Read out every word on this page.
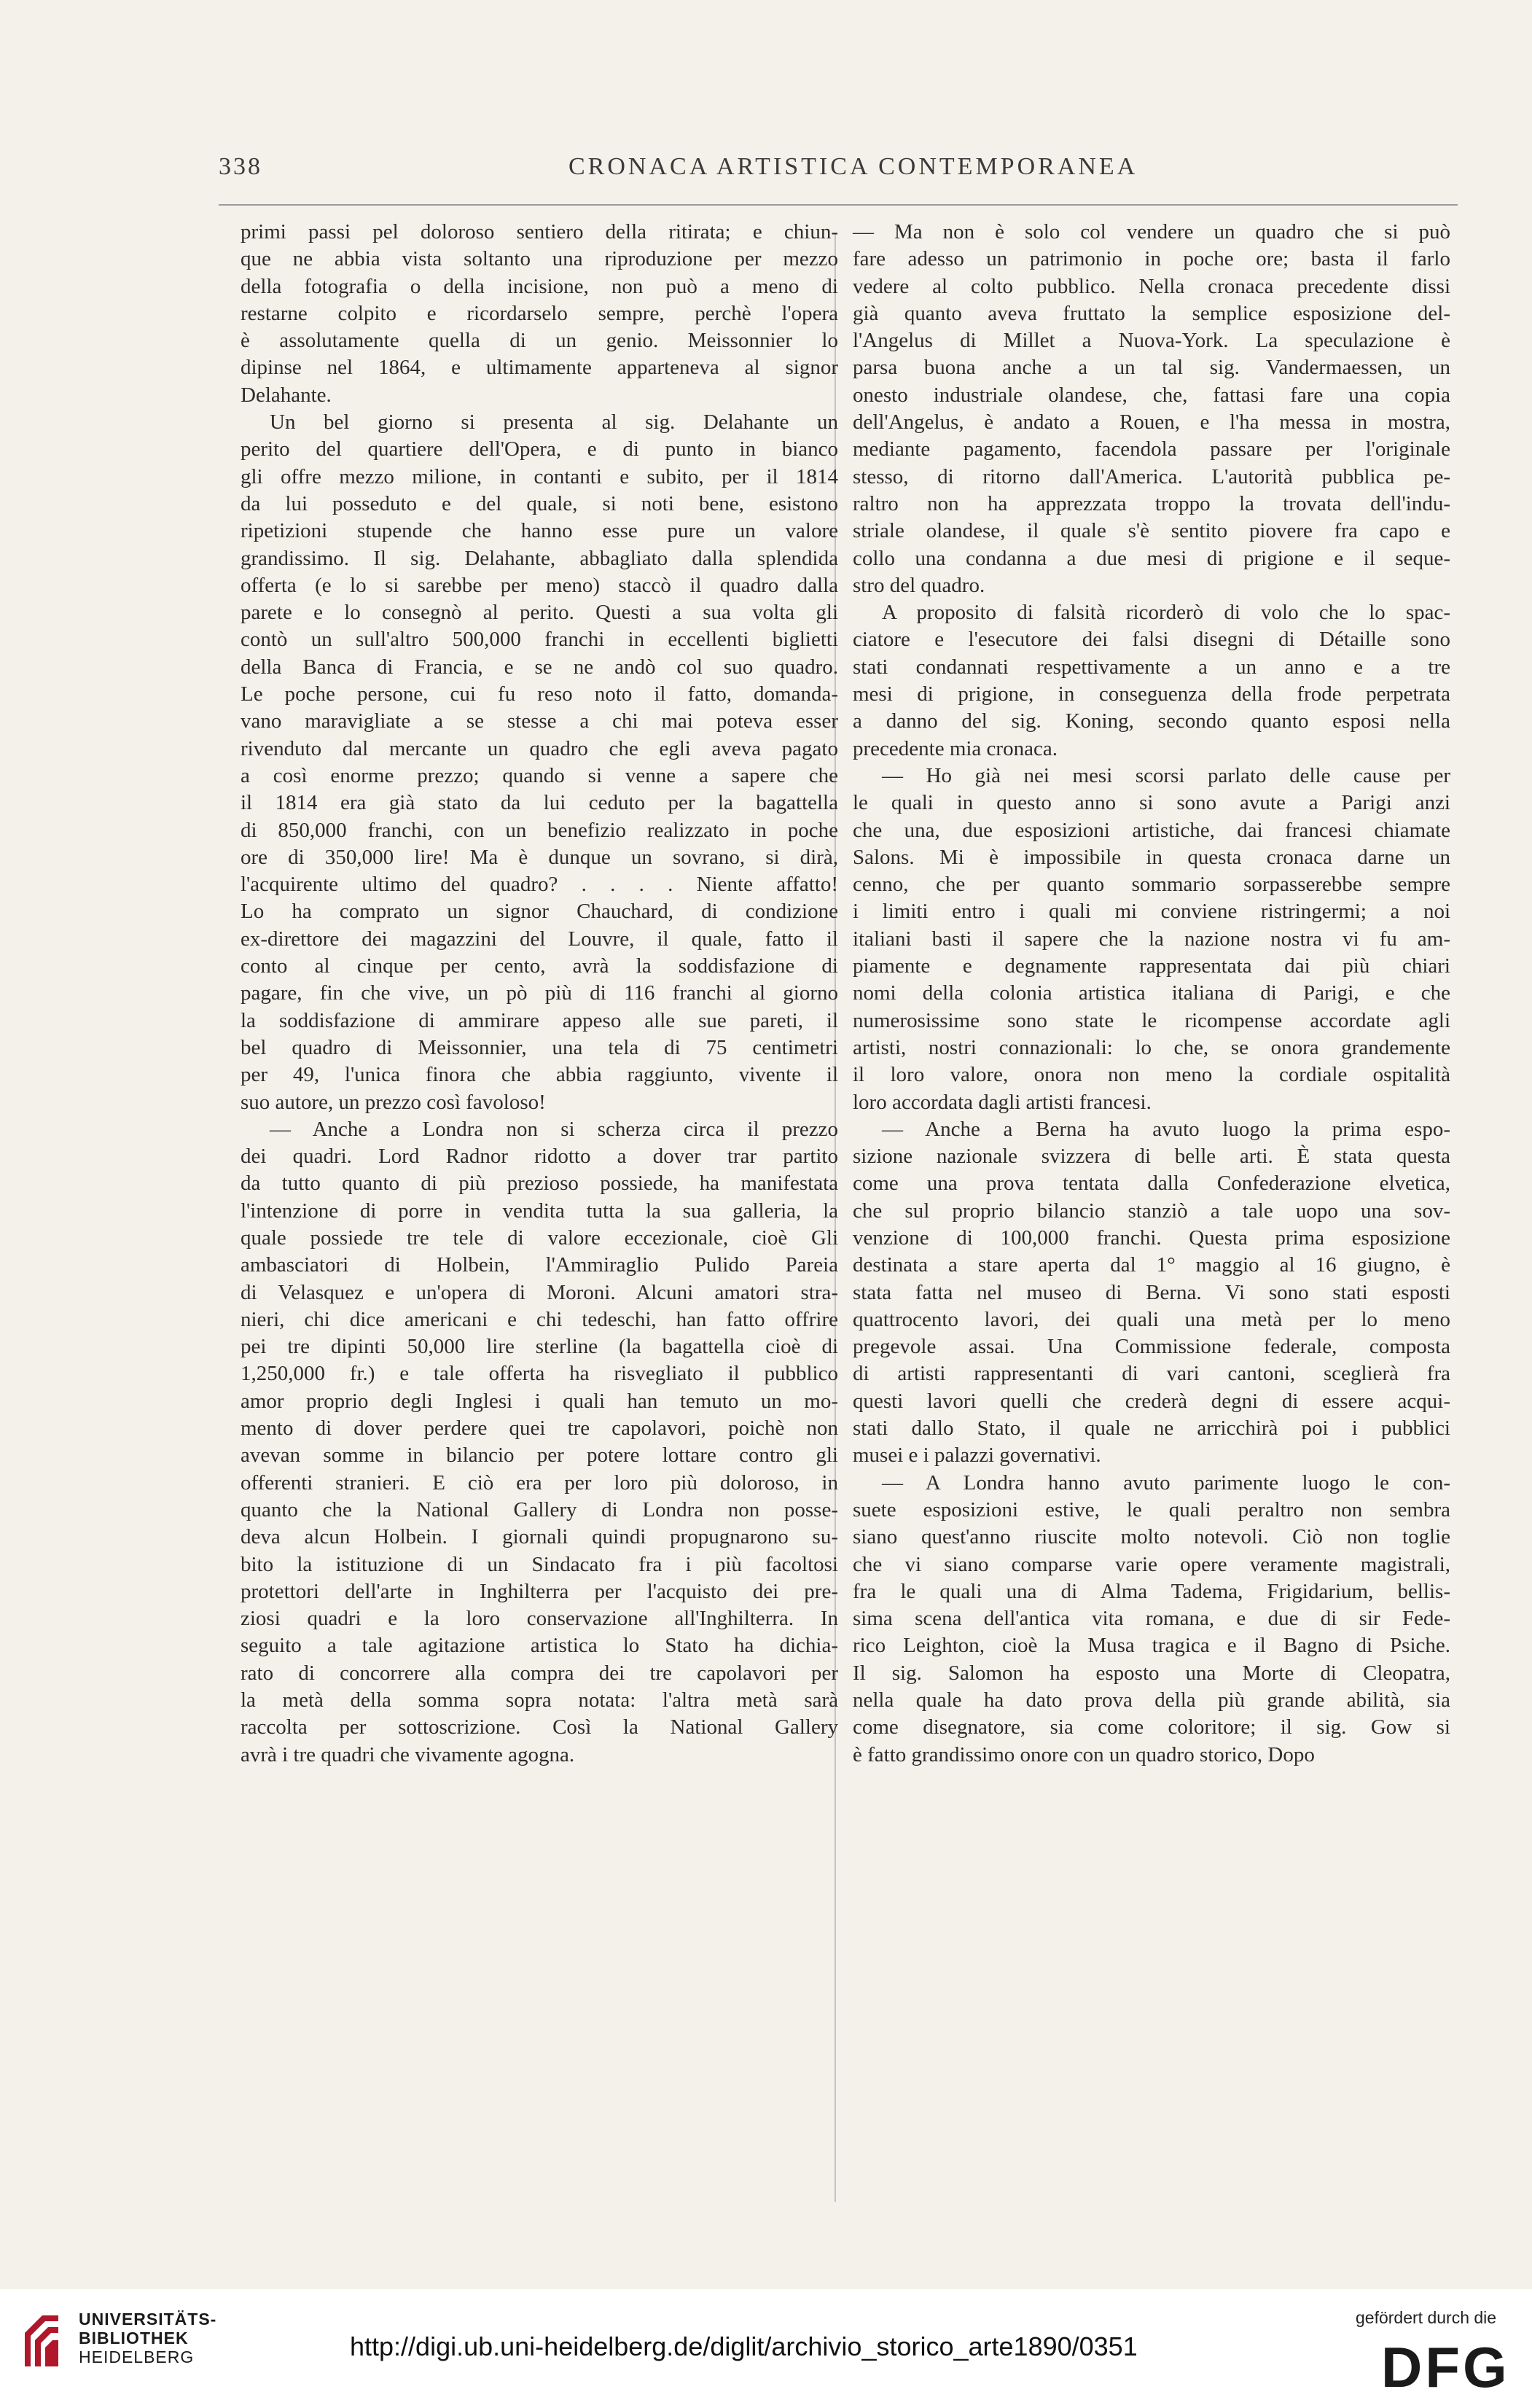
338	CRONACA ARTISTICA CONTEMPORANEA
primi passi pel doloroso sentiero della ritirata; e chiun-
que ne abbia vista soltanto una riproduzione per mezzo
della fotografia o della incisione, non può a meno di
restarne colpito e ricordarselo sempre, perchè l'opera
è assolutamente quella di un genio. Meissonnier lo
dipinse nel 1864, e ultimamente apparteneva al signor
Delahante.
Un bel giorno si presenta al sig. Delahante un
perito del quartiere dell'Opera, e di punto in bianco
gli offre mezzo milione, in contanti e subito, per il 1814
da lui posseduto e del quale, si noti bene, esistono
ripetizioni stupende che hanno esse pure un valore
grandissimo. Il sig. Delahante, abbagliato dalla splendida
offerta (e lo si sarebbe per meno) staccò il quadro dalla
parete e lo consegnò al perito. Questi a sua volta gli
contò un sull'altro 500,000 franchi in eccellenti biglietti
della Banca di Francia, e se ne andò col suo quadro.
Le poche persone, cui fu reso noto il fatto, domanda-
vano maravigliate a se stesse a chi mai poteva esser
rivenduto dal mercante un quadro che egli aveva pagato
a così enorme prezzo; quando si venne a sapere che
il 1814 era già stato da lui ceduto per la bagattella
di 850,000 franchi, con un benefizio realizzato in poche
ore di 350,000 lire! Ma è dunque un sovrano, si dirà,
l'acquirente ultimo del quadro? . . . . Niente affatto!
Lo ha comprato un signor Chauchard, di condizione
ex-direttore dei magazzini del Louvre, il quale, fatto il
conto al cinque per cento, avrà la soddisfazione di
pagare, fin che vive, un pò più di 116 franchi al giorno
la soddisfazione di ammirare appeso alle sue pareti, il
bel quadro di Meissonnier, una tela di 75 centimetri
per 49, l'unica finora che abbia raggiunto, vivente il
suo autore, un prezzo così favoloso!
— Anche a Londra non si scherza circa il prezzo
dei quadri. Lord Radnor ridotto a dover trar partito
da tutto quanto di più prezioso possiede, ha manifestata
l'intenzione di porre in vendita tutta la sua galleria, la
quale possiede tre tele di valore eccezionale, cioè Gli
ambasciatori di Holbein, l'Ammiraglio Pulido Pareia
di Velasquez e un'opera di Moroni. Alcuni amatori stra-
nieri, chi dice americani e chi tedeschi, han fatto offrire
pei tre dipinti 50,000 lire sterline (la bagattella cioè di
1,250,000 fr.) e tale offerta ha risvegliato il pubblico
amor proprio degli Inglesi i quali han temuto un mo-
mento di dover perdere quei tre capolavori, poichè non
avevan somme in bilancio per potere lottare contro gli
offerenti stranieri. E ciò era per loro più doloroso, in
quanto che la National Gallery di Londra non posse-
deva alcun Holbein. I giornali quindi propugnarono su-
bito la istituzione di un Sindacato fra i più facoltosi
protettori dell'arte in Inghilterra per l'acquisto dei pre-
ziosi quadri e la loro conservazione all'Inghilterra. In
seguito a tale agitazione artistica lo Stato ha dichia-
rato di concorrere alla compra dei tre capolavori per
la metà della somma sopra notata: l'altra metà sarà
raccolta per sottoscrizione. Così la National Gallery
avrà i tre quadri che vivamente agogna.
— Ma non è solo col vendere un quadro che si può
fare adesso un patrimonio in poche ore; basta il farlo
vedere al colto pubblico. Nella cronaca precedente dissi
già quanto aveva fruttato la semplice esposizione del-
l'Angelus di Millet a Nuova-York. La speculazione è
parsa buona anche a un tal sig. Vandermaessen, un
onesto industriale olandese, che, fattasi fare una copia
dell'Angelus, è andato a Rouen, e l'ha messa in mostra,
mediante pagamento, facendola passare per l'originale
stesso, di ritorno dall'America. L'autorità pubblica pe-
raltro non ha apprezzata troppo la trovata dell'indu-
striale olandese, il quale s'è sentito piovere fra capo e
collo una condanna a due mesi di prigione e il seque-
stro del quadro.
A proposito di falsità ricorderò di volo che lo spac-
ciatore e l'esecutore dei falsi disegni di Détaille sono
stati condannati respettivamente a un anno e a tre
mesi di prigione, in conseguenza della frode perpetrata
a danno del sig. Koning, secondo quanto esposi nella
precedente mia cronaca.
— Ho già nei mesi scorsi parlato delle cause per
le quali in questo anno si sono avute a Parigi anzi
che una, due esposizioni artistiche, dai francesi chiamate
Salons. Mi è impossibile in questa cronaca darne un
cenno, che per quanto sommario sorpasserebbe sempre
i limiti entro i quali mi conviene ristringermi; a noi
italiani basti il sapere che la nazione nostra vi fu am-
piamente e degnamente rappresentata dai più chiari
nomi della colonia artistica italiana di Parigi, e che
numerosissime sono state le ricompense accordate agli
artisti, nostri connazionali: lo che, se onora grandemente
il loro valore, onora non meno la cordiale ospitalità
loro accordata dagli artisti francesi.
— Anche a Berna ha avuto luogo la prima espo-
sizione nazionale svizzera di belle arti. È stata questa
come una prova tentata dalla Confederazione elvetica,
che sul proprio bilancio stanziò a tale uopo una sov-
venzione di 100,000 franchi. Questa prima esposizione
destinata a stare aperta dal 1° maggio al 16 giugno, è
stata fatta nel museo di Berna. Vi sono stati esposti
quattrocento lavori, dei quali una metà per lo meno
pregevole assai. Una Commissione federale, composta
di artisti rappresentanti di vari cantoni, sceglierà fra
questi lavori quelli che crederà degni di essere acqui-
stati dallo Stato, il quale ne arricchirà poi i pubblici
musei e i palazzi governativi.
— A Londra hanno avuto parimente luogo le con-
suete esposizioni estive, le quali peraltro non sembra
siano quest'anno riuscite molto notevoli. Ciò non toglie
che vi siano comparse varie opere veramente magistrali,
fra le quali una di Alma Tadema, Frigidarium, bellis-
sima scena dell'antica vita romana, e due di sir Fede-
rico Leighton, cioè la Musa tragica e il Bagno di Psiche.
Il sig. Salomon ha esposto una Morte di Cleopatra,
nella quale ha dato prova della più grande abilità, sia
come disegnatore, sia come coloritore; il sig. Gow si
è fatto grandissimo onore con un quadro storico, Dopo
UNIVERSITÄTS-
BIBLIOTHEK
HEIDELBERG	http://digi.ub.uni-heidelberg.de/diglit/archivio_storico_arte1890/0351
gefördert durch die
DFG
